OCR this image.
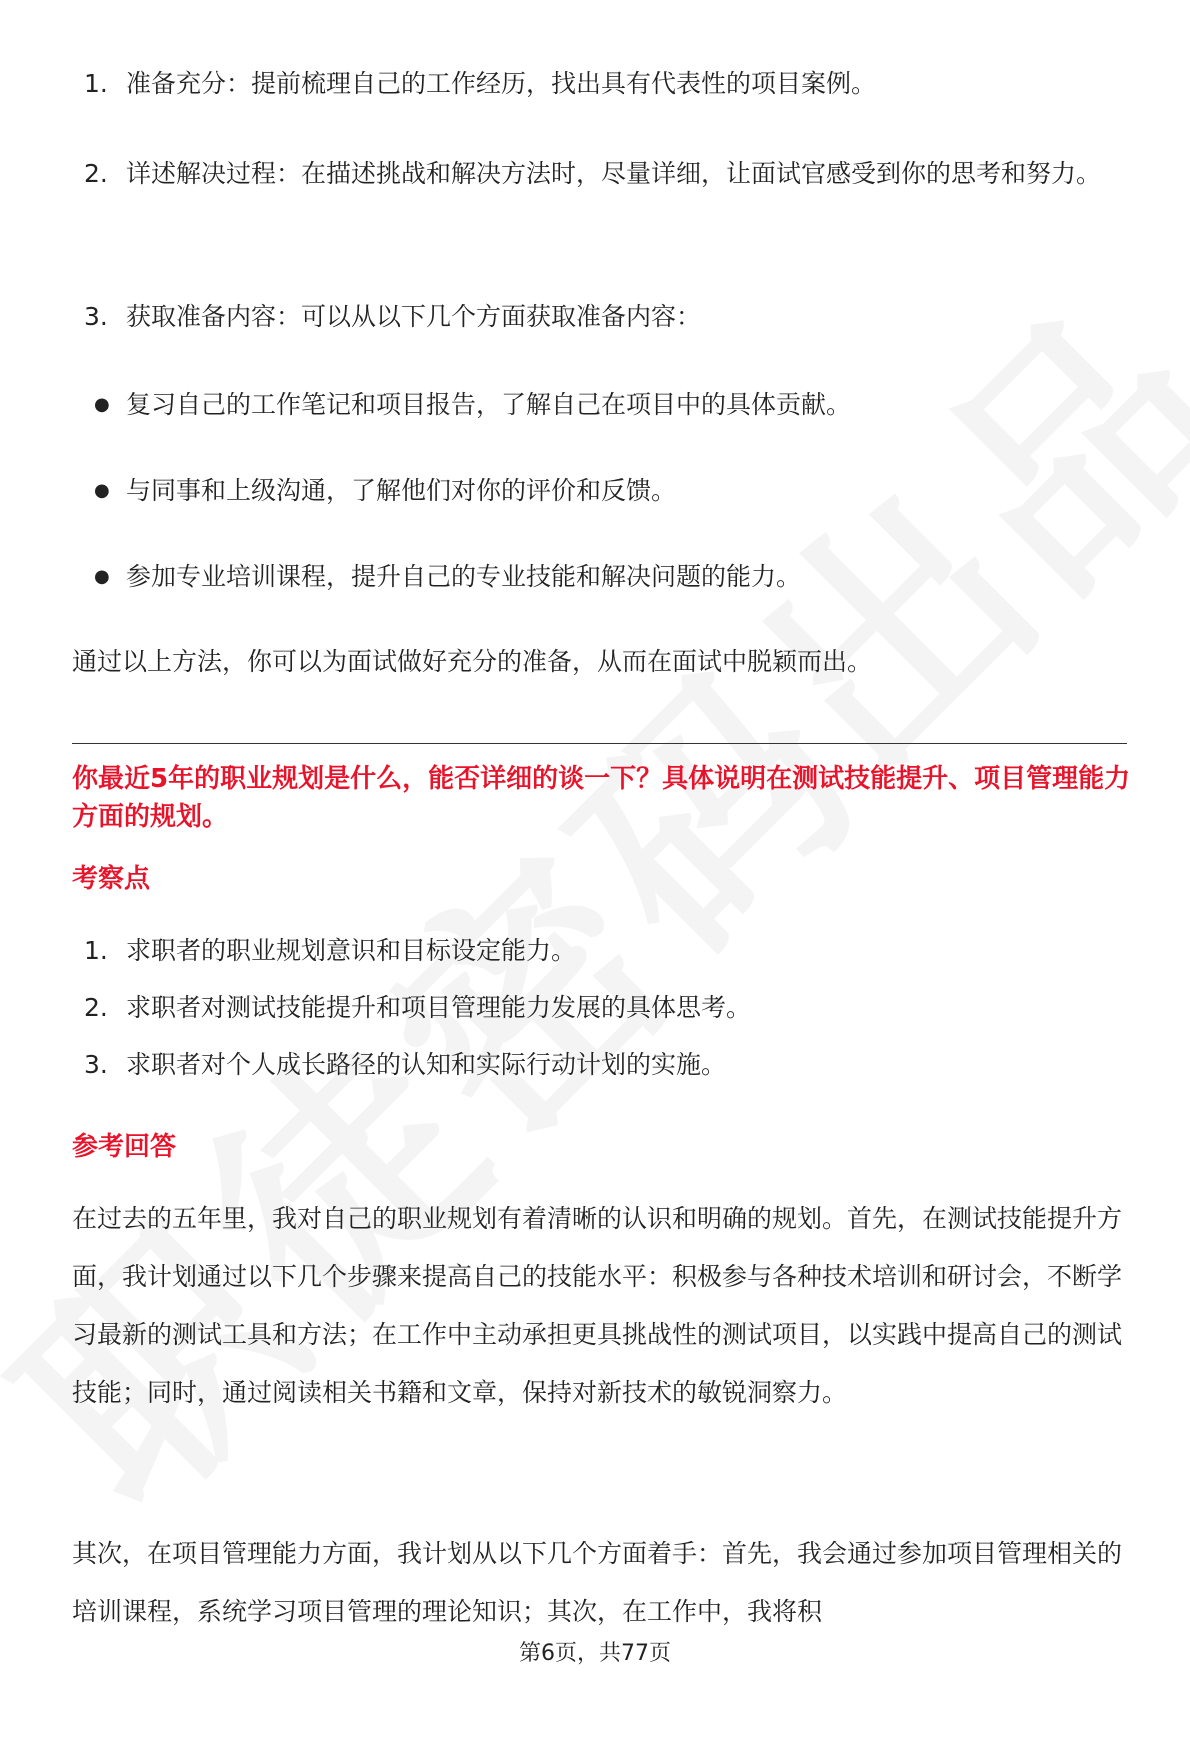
1. 准备充分：提前梳理自己的工作经历，找出具有代表性的项目案例。
2. 详述解决过程：在描述挑战和解决方法时，尽量详细，让面试官感受到你的思考和努力。
3. 获取准备内容：可以从以下几个方面获取准备内容：
● 复习自己的工作笔记和项目报告，了解自己在项目中的具体贡献。
● 与同事和上级沟通，了解他们对你的评价和反馈。
● 参加专业培训课程，提升自己的专业技能和解决问题的能力。
通过以上方法，你可以为面试做好充分的准备，从而在面试中脱颖而出。
你最近5年的职业规划是什么，能否详细的谈一下？具体说明在测试技能提升、项目管理能力方面的规划。
考察点
1. 求职者的职业规划意识和目标设定能力。
2. 求职者对测试技能提升和项目管理能力发展的具体思考。
3. 求职者对个人成长路径的认知和实际行动计划的实施。
参考回答
在过去的五年里，我对自己的职业规划有着清晰的认识和明确的规划。首先，在测试技能提升方面，我计划通过以下几个步骤来提高自己的技能水平：积极参与各种技术培训和研讨会，不断学习最新的测试工具和方法；在工作中主动承担更具挑战性的测试项目，以实践中提高自己的测试技能；同时，通过阅读相关书籍和文章，保持对新技术的敏锐洞察力。
其次，在项目管理能力方面，我计划从以下几个方面着手：首先，我会通过参加项目管理相关的培训课程，系统学习项目管理的理论知识；其次，在工作中，我将积
第6页，共77页
